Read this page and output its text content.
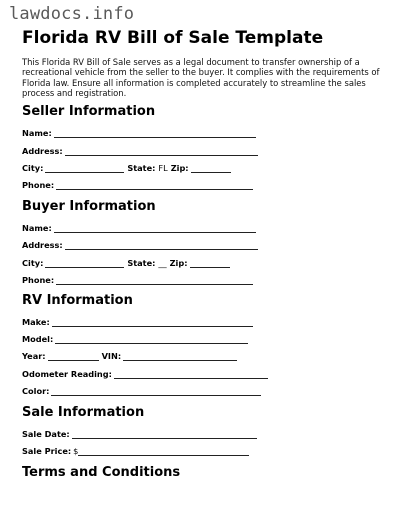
lawdocs.info
Florida RV Bill of Sale Template

This Florida RV Bill of Sale serves as a legal document to transfer ownership of a recreational vehicle from the seller to the buyer. It complies with the requirements of Florida law. Ensure all information is completed accurately to streamline the sales process and registration.

Seller Information
Name:
Address:
City:	State: FL Zip:
Phone:
Buyer Information
Name:
Address:
City:	State: __ Zip:
Phone:
RV Information
Make:
Model:
Year:	VIN:
Odometer Reading:
Color:
Sale Information
Sale Date:
Sale Price: $
Terms and Conditions
